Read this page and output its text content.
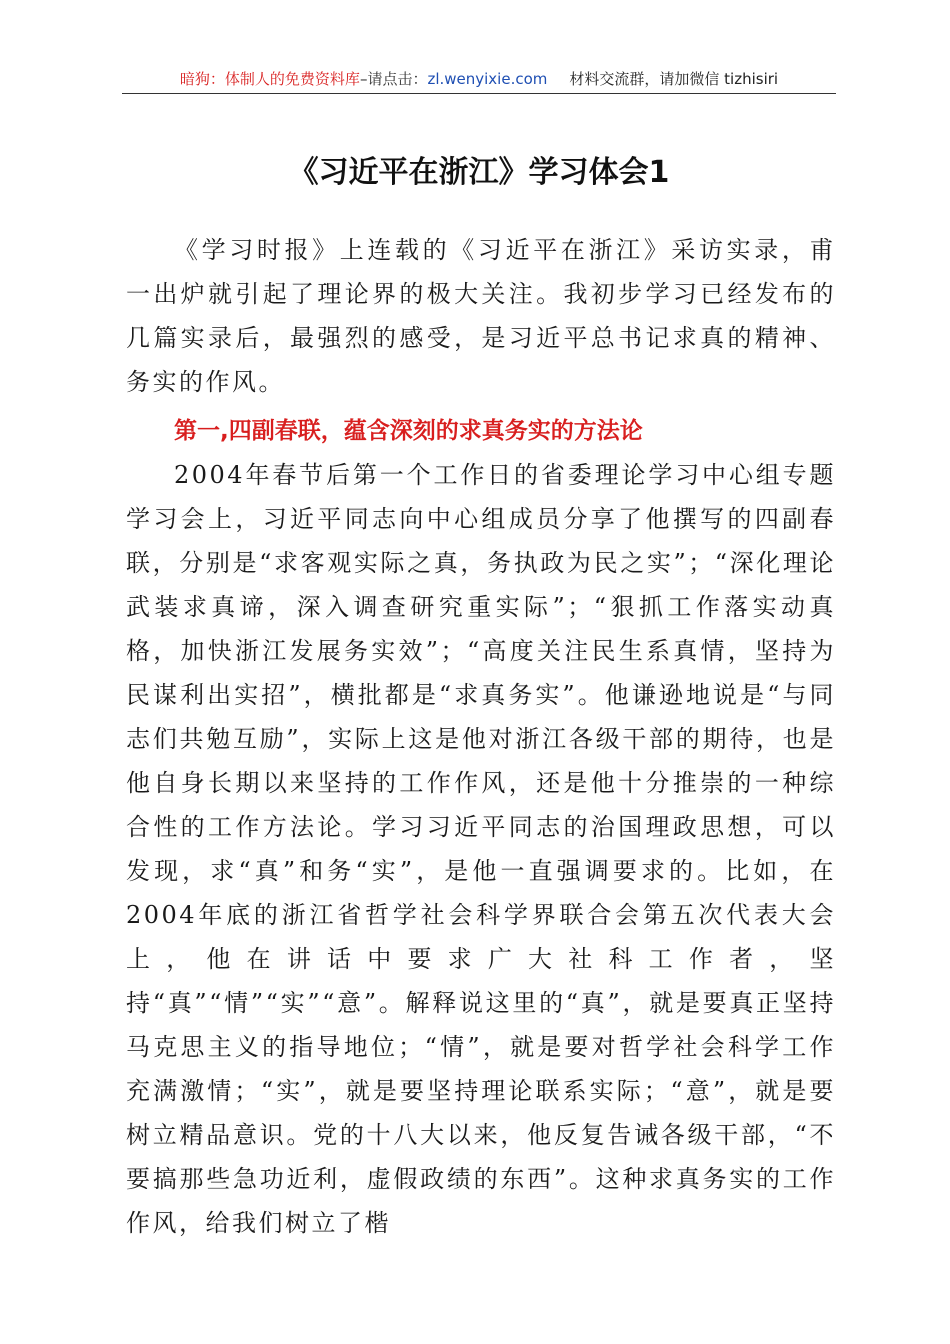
暗狗：体制人的免费资料库–请点击：zl.wenyixie.com 材料交流群，请加微信 tizhisiri
《习近平在浙江》学习体会1

《学习时报》上连载的《习近平在浙江》采访实录，甫一出炉就引起了理论界的极大关注。我初步学习已经发布的几篇实录后，最强烈的感受，是习近平总书记求真的精神、务实的作风。

第一,四副春联，蕴含深刻的求真务实的方法论

2004年春节后第一个工作日的省委理论学习中心组专题学习会上，习近平同志向中心组成员分享了他撰写的四副春联，分别是“求客观实际之真，务执政为民之实”；“深化理论武装求真谛，深入调查研究重实际”；“狠抓工作落实动真格，加快浙江发展务实效”；“高度关注民生系真情，坚持为民谋利出实招”，横批都是“求真务实”。他谦逊地说是“与同志们共勉互励”，实际上这是他对浙江各级干部的期待，也是他自身长期以来坚持的工作作风，还是他十分推崇的一种综合性的工作方法论。学习习近平同志的治国理政思想，可以发现，求“真”和务“实”，是他一直强调要求的。比如，在2004年底的浙江省哲学社会科学界联合会第五次代表大会上，他在讲话中要求广大社科工作者，坚持“真”“情”“实”“意”。解释说这里的“真”，就是要真正坚持马克思主义的指导地位；“情”，就是要对哲学社会科学工作充满激情；“实”，就是要坚持理论联系实际；“意”，就是要树立精品意识。党的十八大以来，他反复告诫各级干部，“不要搞那些急功近利，虚假政绩的东西”。这种求真务实的工作作风，给我们树立了楷
